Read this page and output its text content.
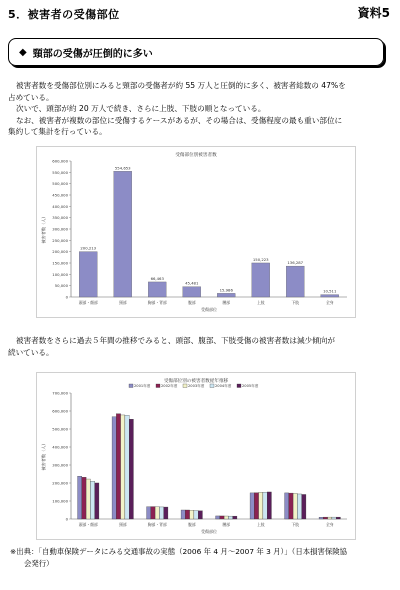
5．被害者の受傷部位	資料5
◆ 頸部の受傷が圧倒的に多い

被害者数を受傷部位別にみると頸部の受傷者が約 55 万人と圧倒的に多く、被害者総数の 47%を

占めている。

次いで、頭部が約 20 万人で続き、さらに上肢、下肢の順となっている。

なお、被害者が複数の部位に受傷するケースがあるが、その場合は、受傷程度の最も重い部位に

集約して集計を行っている。

受傷部位別被害者数
0
50,000
100,000
150,000
200,000
250,000
300,000
350,000
400,000
450,000
500,000
550,000
600,000
被害者数（人）
頭部・顔部	頸部	胸部・背部	腹部	腰部	上肢	下肢	全身
受傷部位
200,213
554,653
66,463
45,481
15,986
150,223
136,287
10,511

被害者数をさらに過去５年間の推移でみると、頭部、腹部、下肢受傷の被害者数は減少傾向が

続いている。

受傷部位別の被害者数経年推移
0
100,000
200,000
300,000
400,000
500,000
600,000
700,000
被害者数（人）
頭部・顔部	頸部	胸部・背部	腹部	腰部	上肢	下肢	全身
受傷部位
2001年度	2002年度	2003年度	2004年度	2005年度
※出典：「自動車保険データにみる交通事故の実態（2006 年 4 月～2007 年 3 月）」（日本損害保険協
会発行）
